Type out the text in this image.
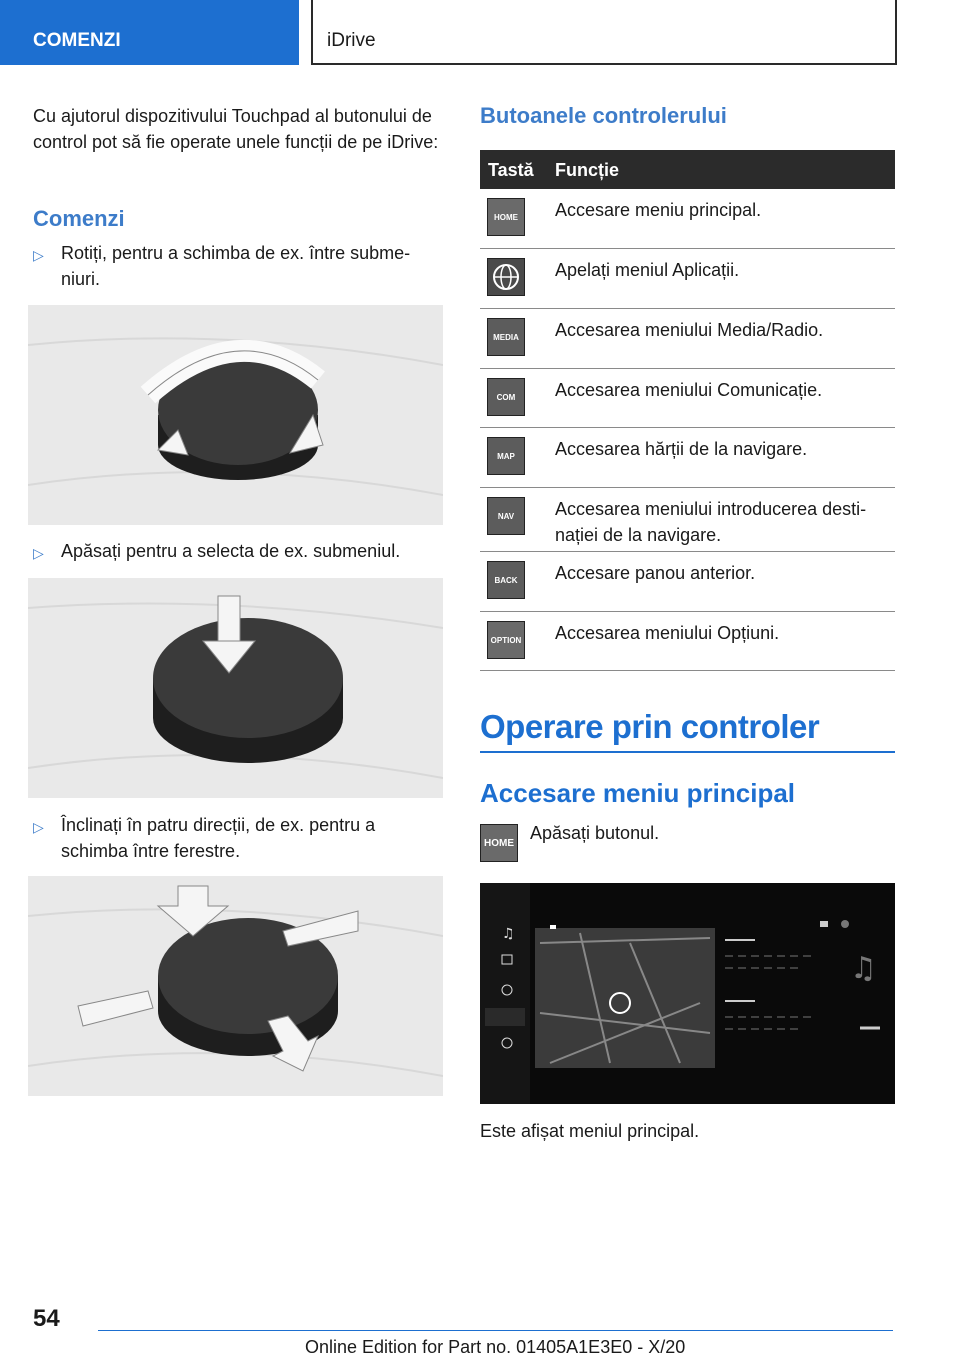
COMENZI	iDrive
Cu ajutorul dispozitivului Touchpad al butonului de control pot să fie operate unele funcții de pe iDrive:
Comenzi
▷ Rotiți, pentru a schimba de ex. între submeniuri.
▷ Apăsați pentru a selecta de ex. submeniul.
▷ Înclinați în patru direcții, de ex. pentru a schimba între ferestre.
Butoanele controlerului
Tastă Funcție
HOME	Accesare meniu principal.
Apelați meniul Aplicații.
MEDIA	Accesarea meniului Media/Radio.
COM	Accesarea meniului Comunicație.
MAP	Accesarea hărții de la navigare.
NAV	Accesarea meniului introducerea destinației de la navigare.
BACK	Accesare panou anterior.
OPTION Accesarea meniului Opțiuni.
Operare prin controler
Accesare meniu principal
HOME
Apăsați butonul.
♫
♫
Este afișat meniul principal.
54
Online Edition for Part no. 01405A1E3E0 - X/20
